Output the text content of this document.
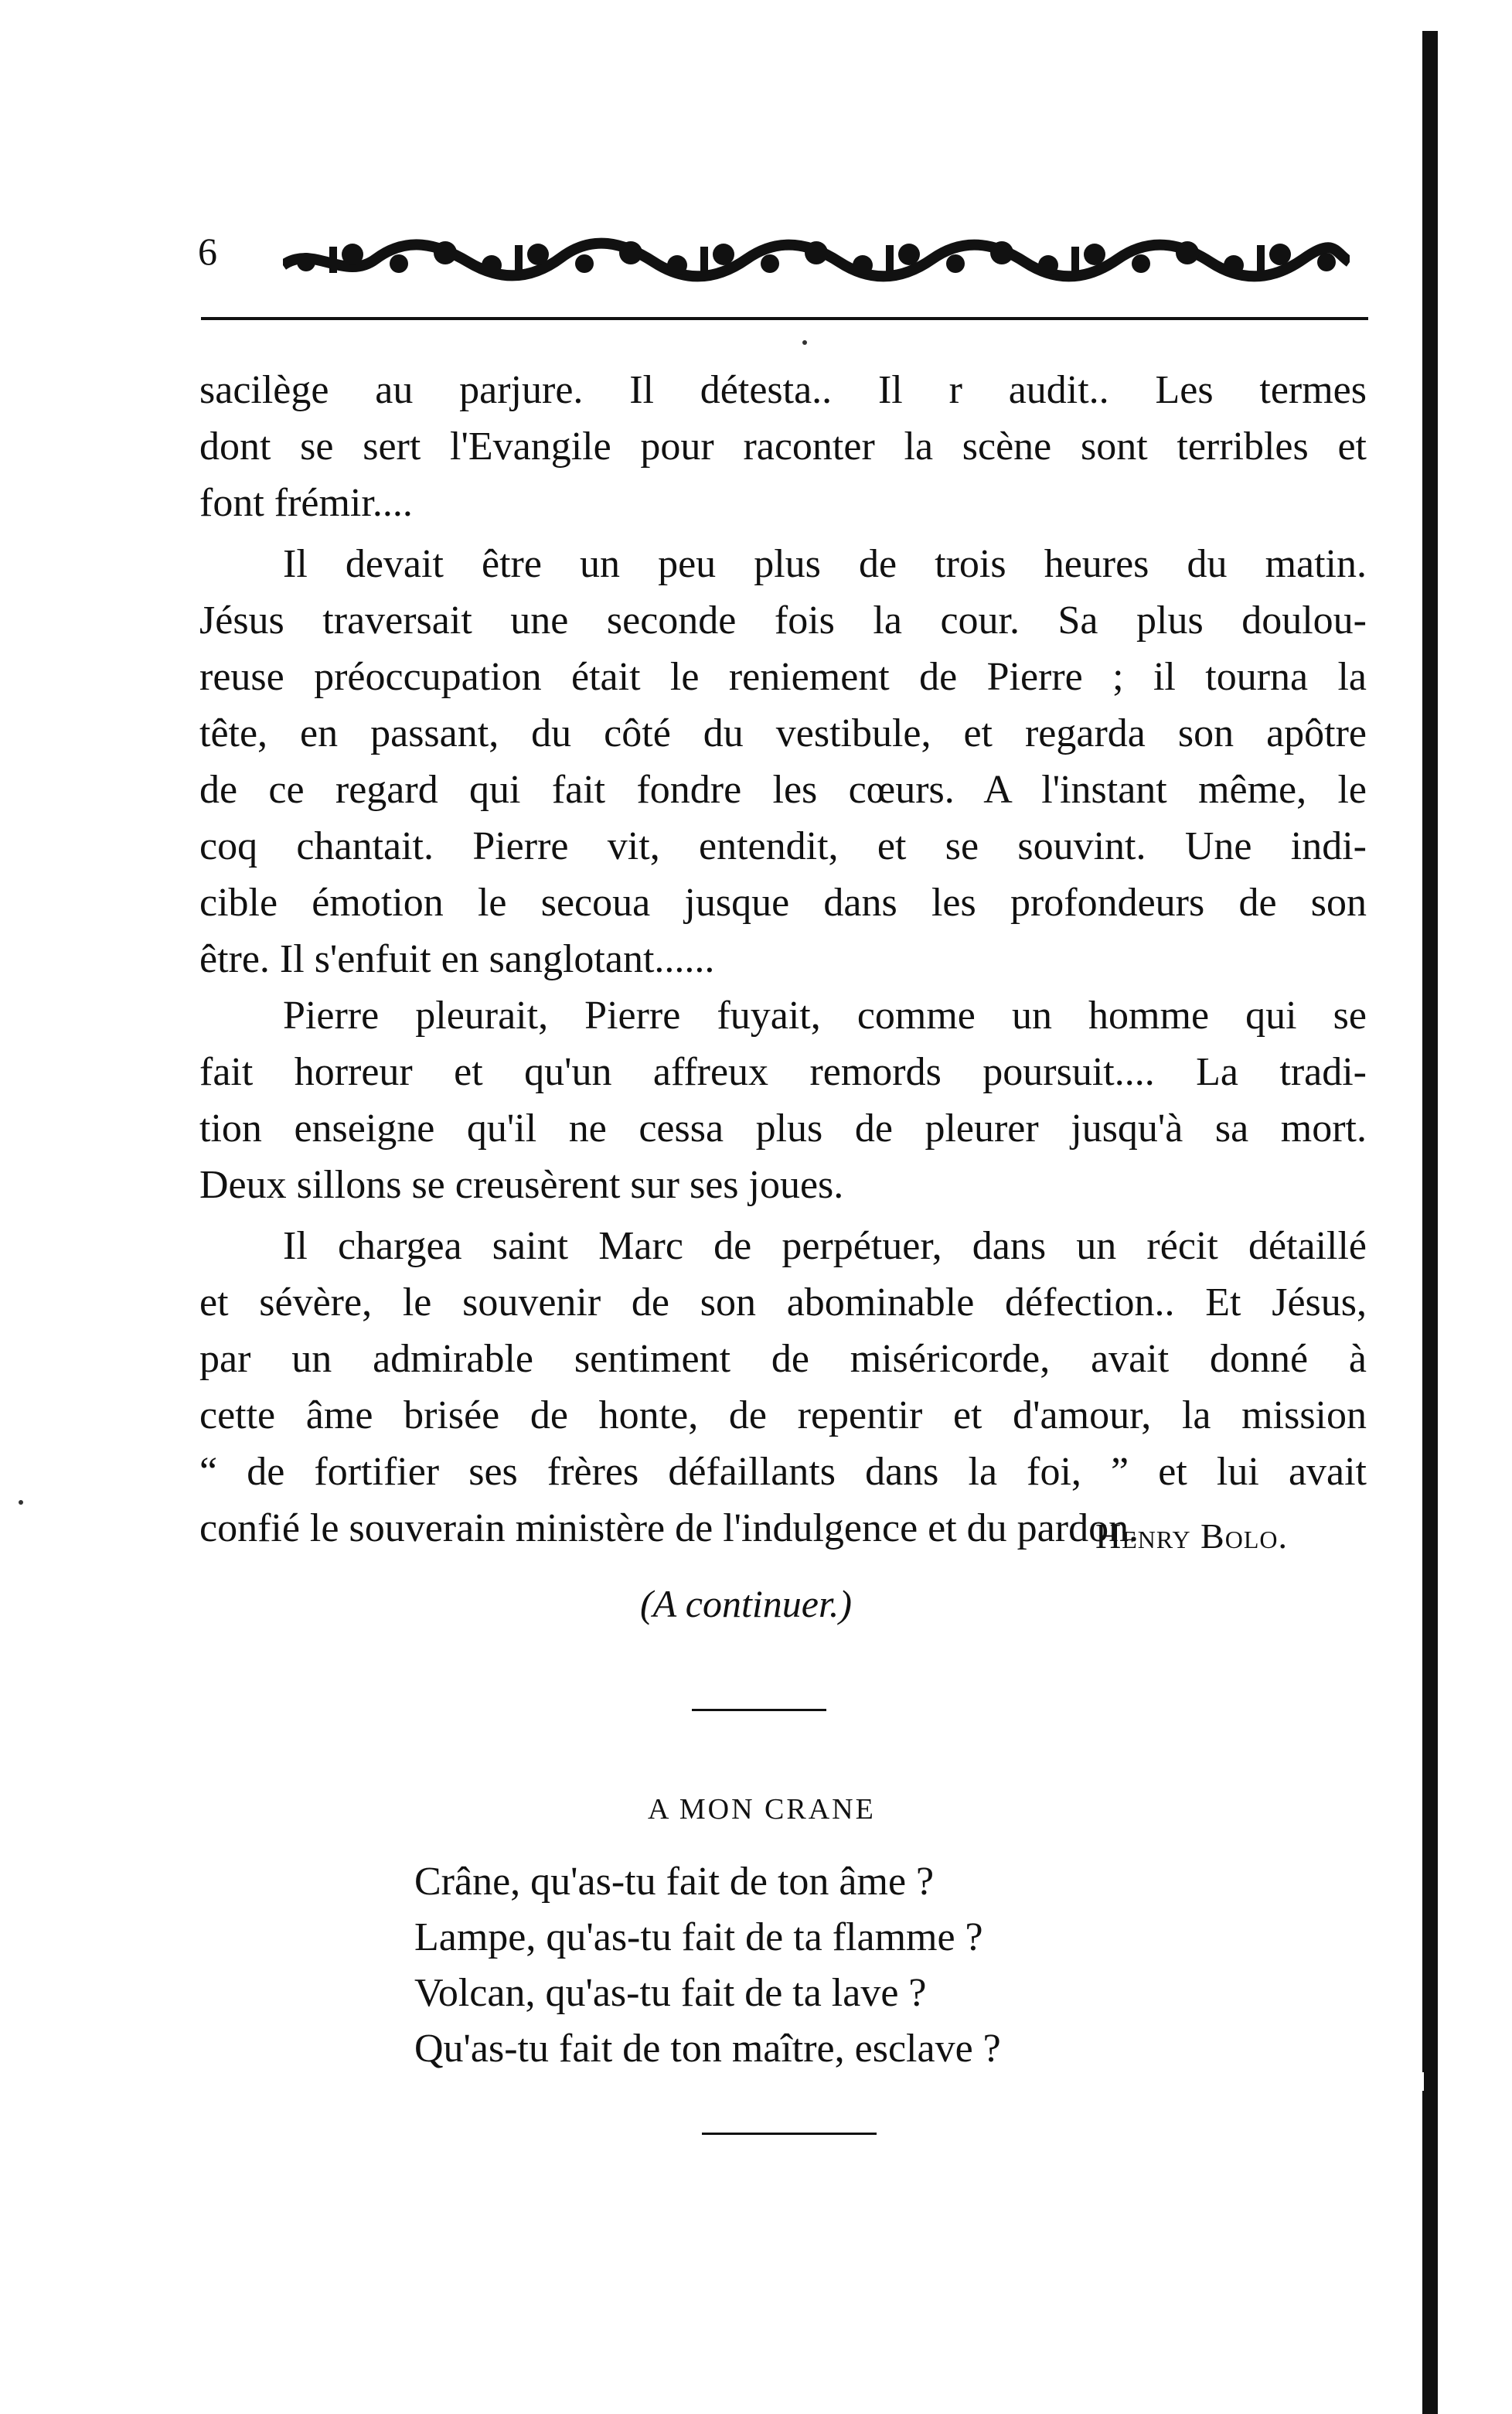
6
sacilège au parjure. Il détesta.. Il r audit.. Les termes
dont se sert l'Evangile pour raconter la scène sont terribles et
font frémir....
Il devait être un peu plus de trois heures du matin.
Jésus traversait une seconde fois la cour. Sa plus doulou-
reuse préoccupation était le reniement de Pierre ; il tourna la
tête, en passant, du côté du vestibule, et regarda son apôtre
de ce regard qui fait fondre les cœurs. A l'instant même, le
coq chantait. Pierre vit, entendit, et se souvint. Une indi-
cible émotion le secoua jusque dans les profondeurs de son
être. Il s'enfuit en sanglotant......
Pierre pleurait, Pierre fuyait, comme un homme qui se
fait horreur et qu'un affreux remords poursuit.... La tradi-
tion enseigne qu'il ne cessa plus de pleurer jusqu'à sa mort.
Deux sillons se creusèrent sur ses joues.
Il chargea saint Marc de perpétuer, dans un récit détaillé
et sévère, le souvenir de son abominable défection.. Et Jésus,
par un admirable sentiment de miséricorde, avait donné à
cette âme brisée de honte, de repentir et d'amour, la mission
“ de fortifier ses frères défaillants dans la foi, ” et lui avait
confié le souverain ministère de l'indulgence et du pardon.
Henry Bolo.
(A continuer.)
A MON CRANE
Crâne, qu'as-tu fait de ton âme ?
Lampe, qu'as-tu fait de ta flamme ?
Volcan, qu'as-tu fait de ta lave ?
Qu'as-tu fait de ton maître, esclave ?
